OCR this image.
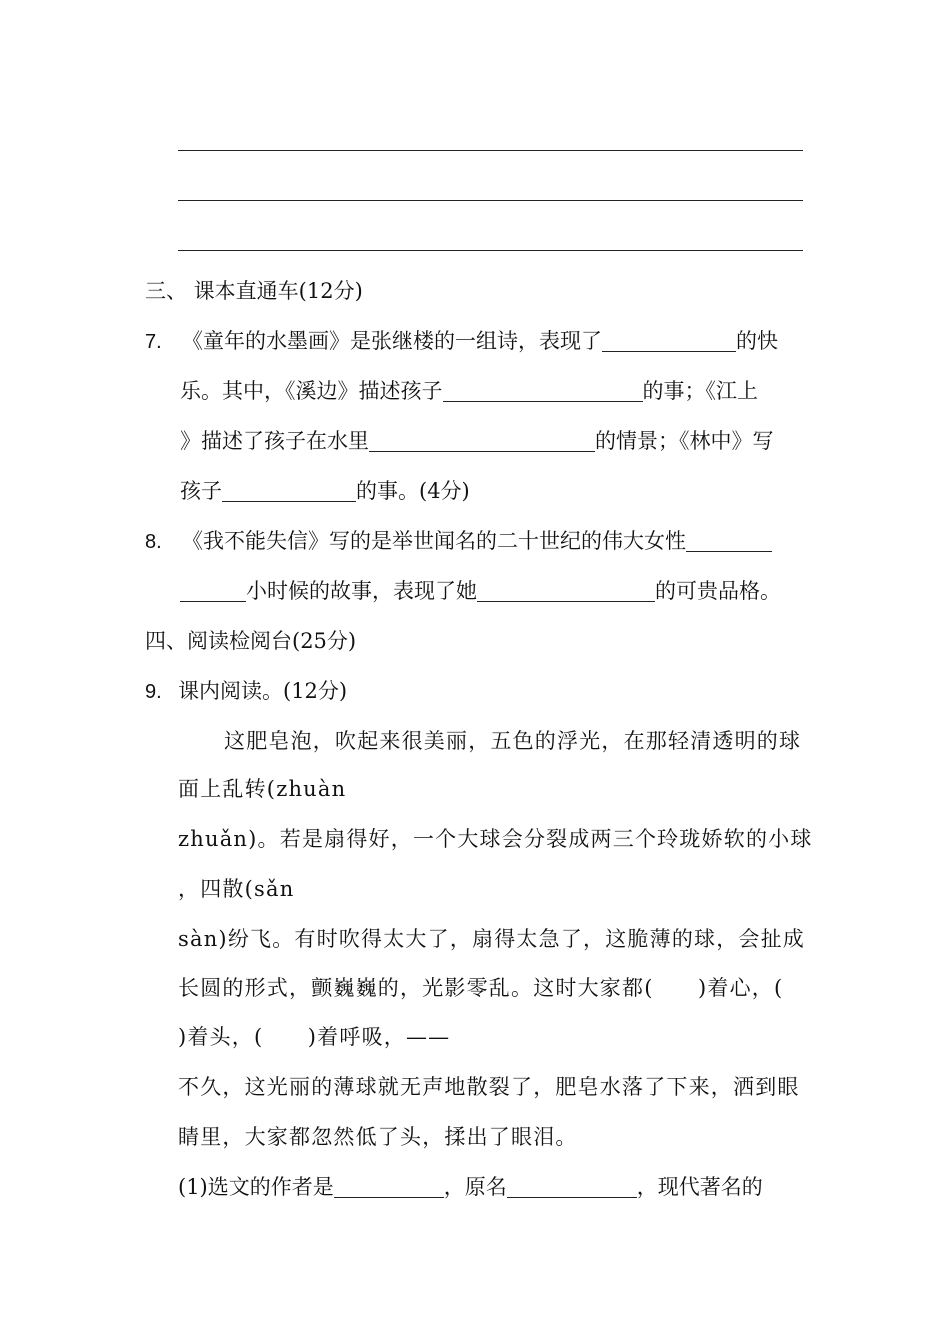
三、 课本直通车(12分)
7. 《童年的水墨画》是张继楼的一组诗，表现了	的快
乐。其中，《溪边》描述孩子	的事；《江上
》描述了孩子在水里	的情景；《林中》写
孩子	的事。(4分)
8. 《我不能失信》写的是举世闻名的二十世纪的伟大女性
小时候的故事，表现了她	的可贵品格。
四、阅读检阅台(25分)
9. 课内阅读。(12分)
这肥皂泡，吹起来很美丽，五色的浮光，在那轻清透明的球
面上乱转(zhuàn
zhuǎn)。若是扇得好，一个大球会分裂成两三个玲珑娇软的小球
，四散(sǎn
sàn)纷飞。有时吹得太大了，扇得太急了，这脆薄的球，会扯成
长圆的形式，颤巍巍的，光影零乱。这时大家都(　　)着心，(
)着头，(　　)着呼吸，——
不久，这光丽的薄球就无声地散裂了，肥皂水落了下来，洒到眼
睛里，大家都忽然低了头，揉出了眼泪。
(1)选文的作者是	，原名	，现代著名的
